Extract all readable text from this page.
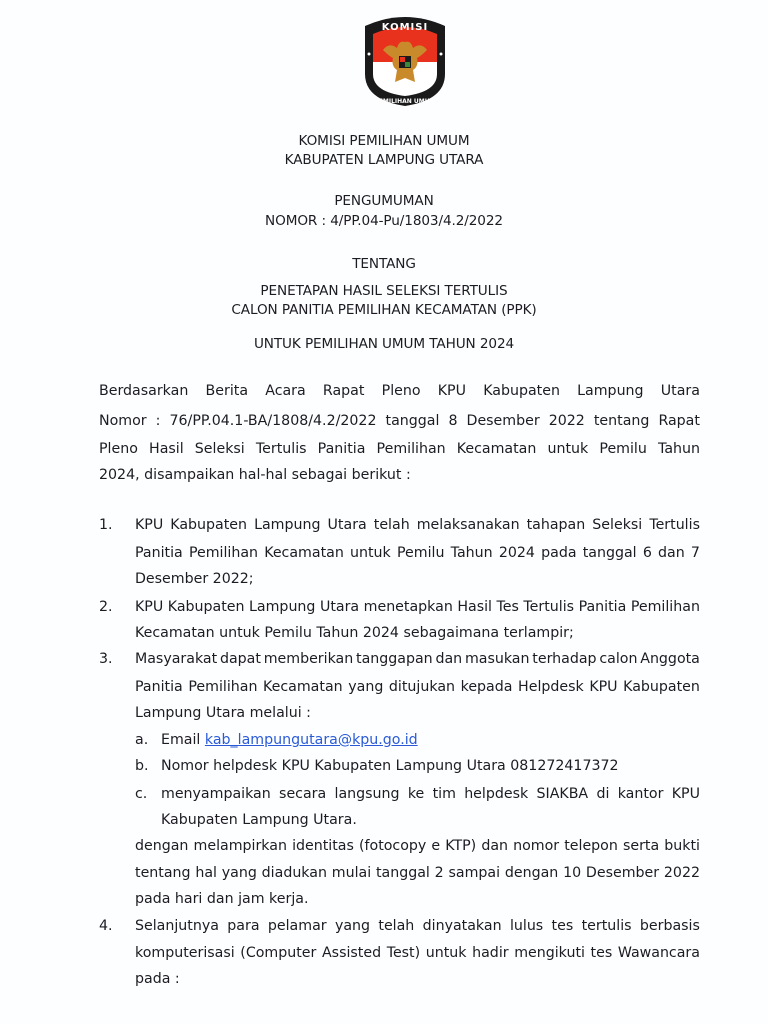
KOMISI
PEMILIHAN UMUM
KOMISI PEMILIHAN UMUM
KABUPATEN LAMPUNG UTARA
PENGUMUMAN
NOMOR : 4/PP.04-Pu/1803/4.2/2022
TENTANG
PENETAPAN HASIL SELEKSI TERTULIS
CALON PANITIA PEMILIHAN KECAMATAN (PPK)
UNTUK PEMILIHAN UMUM TAHUN 2024
Berdasarkan Berita Acara Rapat Pleno KPU Kabupaten Lampung Utara
Nomor : 76/PP.04.1-BA/1808/4.2/2022 tanggal 8 Desember 2022 tentang Rapat
Pleno Hasil Seleksi Tertulis Panitia Pemilihan Kecamatan untuk Pemilu Tahun
2024, disampaikan hal-hal sebagai berikut :
1. KPU Kabupaten Lampung Utara telah melaksanakan tahapan Seleksi Tertulis
Panitia Pemilihan Kecamatan untuk Pemilu Tahun 2024 pada tanggal 6 dan 7
Desember 2022;
2. KPU Kabupaten Lampung Utara menetapkan Hasil Tes Tertulis Panitia Pemilihan
Kecamatan untuk Pemilu Tahun 2024 sebagaimana terlampir;
3. Masyarakat dapat memberikan tanggapan dan masukan terhadap calon Anggota
Panitia Pemilihan Kecamatan yang ditujukan kepada Helpdesk KPU Kabupaten
Lampung Utara melalui :
a. Email kab_lampungutara@kpu.go.id
b. Nomor helpdesk KPU Kabupaten Lampung Utara 081272417372
c. menyampaikan secara langsung ke tim helpdesk SIAKBA di kantor KPU
Kabupaten Lampung Utara.
dengan melampirkan identitas (fotocopy e KTP) dan nomor telepon serta bukti
tentang hal yang diadukan mulai tanggal 2 sampai dengan 10 Desember 2022
pada hari dan jam kerja.
4. Selanjutnya para pelamar yang telah dinyatakan lulus tes tertulis berbasis
komputerisasi (Computer Assisted Test) untuk hadir mengikuti tes Wawancara
pada :
